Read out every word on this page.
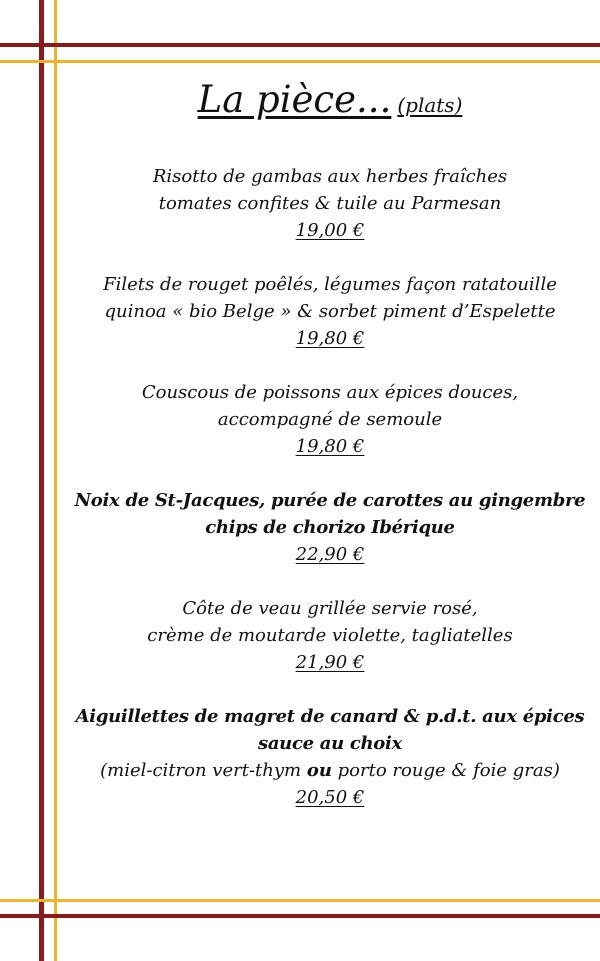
La pièce... (plats)
Risotto de gambas aux herbes fraîches
tomates confites & tuile au Parmesan
19,00 €
Filets de rouget poêlés, légumes façon ratatouille
quinoa « bio Belge » & sorbet piment d’Espelette
19,80 €
Couscous de poissons aux épices douces,
accompagné de semoule
19,80 €
Noix de St-Jacques, purée de carottes au gingembre
chips de chorizo Ibérique
22,90 €
Côte de veau grillée servie rosé,
crème de moutarde violette, tagliatelles
21,90 €
Aiguillettes de magret de canard & p.d.t. aux épices
sauce au choix
(miel-citron vert-thym ou porto rouge & foie gras)
20,50 €
